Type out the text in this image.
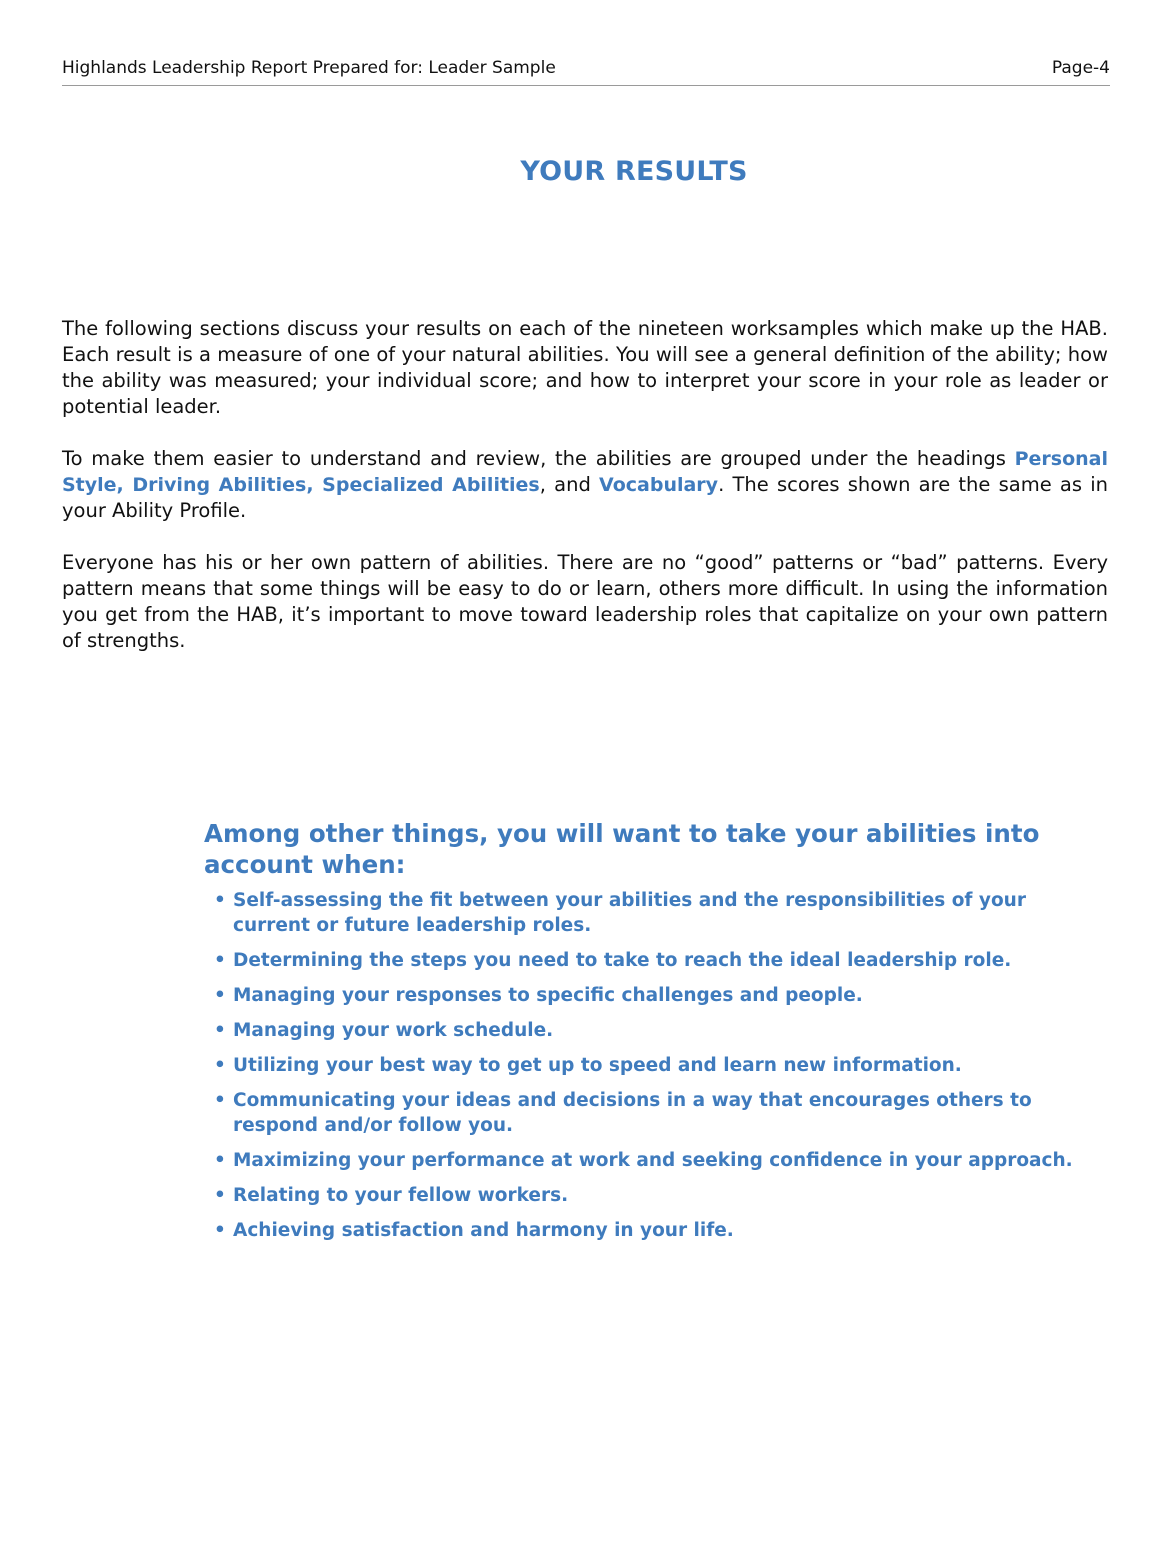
Highlands Leadership Report Prepared for: Leader Sample	Page-4
YOUR RESULTS

The following sections discuss your results on each of the nineteen worksamples which make up the HAB. Each result is a measure of one of your natural abilities. You will see a general definition of the ability; how the ability was measured; your individual score; and how to interpret your score in your role as leader or potential leader.

To make them easier to understand and review, the abilities are grouped under the headings Personal Style, Driving Abilities, Specialized Abilities, and Vocabulary. The scores shown are the same as in your Ability Profile.

Everyone has his or her own pattern of abilities. There are no “good” patterns or “bad” patterns. Every pattern means that some things will be easy to do or learn, others more difficult. In using the information you get from the HAB, it’s important to move toward leadership roles that capitalize on your own pattern of strengths.

Among other things, you will want to take your abilities into account when:
• Self-assessing the fit between your abilities and the responsibilities of your current or future leadership roles.
• Determining the steps you need to take to reach the ideal leadership role.
• Managing your responses to specific challenges and people.
• Managing your work schedule.
• Utilizing your best way to get up to speed and learn new information.
• Communicating your ideas and decisions in a way that encourages others to respond and/or follow you.
• Maximizing your performance at work and seeking confidence in your approach.
• Relating to your fellow workers.
• Achieving satisfaction and harmony in your life.
